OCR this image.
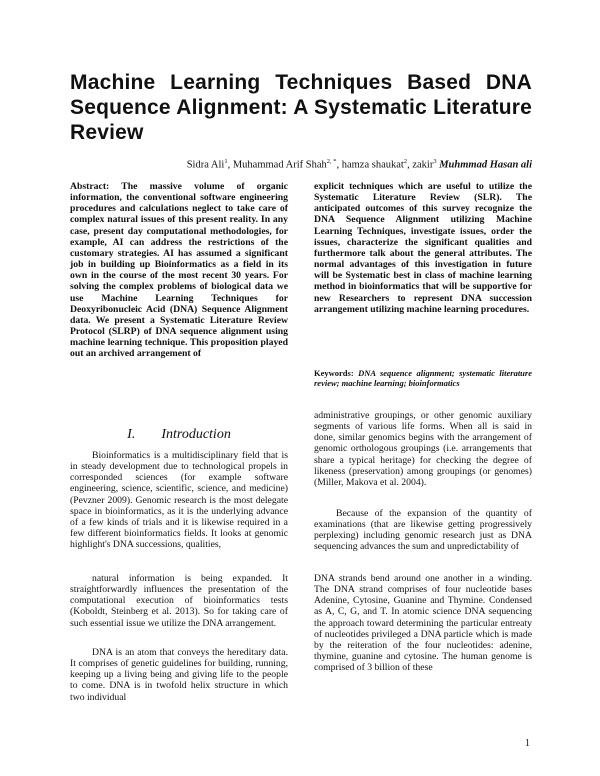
Machine Learning Techniques Based DNA Sequence Alignment: A Systematic Literature Review
Sidra Ali$^1$, Muhammad Arif Shah$^{2, *}$, hamza shaukat$^2$, zakir$^3$ Muhmmad Hasan ali

Abstract: The massive volume of organic information, the conventional software engineering procedures and calculations neglect to take care of complex natural issues of this present reality. In any case, present day computational methodologies, for example, AI can address the restrictions of the customary strategies. AI has assumed a significant job in building up Bioinformatics as a field in its own in the course of the most recent 30 years. For solving the complex problems of biological data we use Machine Learning Techniques for Deoxyribonucleic Acid (DNA) Sequence Alignment data. We present a Systematic Literature Review Protocol (SLRP) of DNA sequence alignment using machine learning technique. This proposition played out an archived arrangement of

I. Introduction

Bioinformatics is a multidisciplinary field that is in steady development due to technological propels in corresponded sciences (for example software engineering, science, scientific, science, and medicine) (Pevzner 2009). Genomic research is the most delegate space in bioinformatics, as it is the underlying advance of a few kinds of trials and it is likewise required in a few different bioinformatics fields. It looks at genomic highlight's DNA successions, qualities,

natural information is being expanded. It straightforwardly influences the presentation of the computational execution of bioinformatics tests (Koboldt, Steinberg et al. 2013). So for taking care of such essential issue we utilize the DNA arrangement.

DNA is an atom that conveys the hereditary data. It comprises of genetic guidelines for building, running, keeping up a living being and giving life to the people to come. DNA is in twofold helix structure in which two individual

explicit techniques which are useful to utilize the Systematic Literature Review (SLR). The anticipated outcomes of this survey recognize the DNA Sequence Alignment utilizing Machine Learning Techniques, investigate issues, order the issues, characterize the significant qualities and furthermore talk about the general attributes. The normal advantages of this investigation in future will be Systematic best in class of machine learning method in bioinformatics that will be supportive for new Researchers to represent DNA succession arrangement utilizing machine learning procedures.

Keywords: DNA sequence alignment; systematic literature review; machine learning; bioinformatics

administrative groupings, or other genomic auxiliary segments of various life forms. When all is said in done, similar genomics begins with the arrangement of genomic orthologous groupings (i.e. arrangements that share a typical heritage) for checking the degree of likeness (preservation) among groupings (or genomes) (Miller, Makova et al. 2004).

Because of the expansion of the quantity of examinations (that are likewise getting progressively perplexing) including genomic research just as DNA sequencing advances the sum and unpredictability of

DNA strands bend around one another in a winding. The DNA strand comprises of four nucleotide bases Adenine, Cytosine, Guanine and Thymine. Condensed as A, C, G, and T. In atomic science DNA sequencing the approach toward determining the particular entreaty of nucleotides privileged a DNA particle which is made by the reiteration of the four nucleotides: adenine, thymine, guanine and cytosine. The human genome is comprised of 3 billion of these

1
